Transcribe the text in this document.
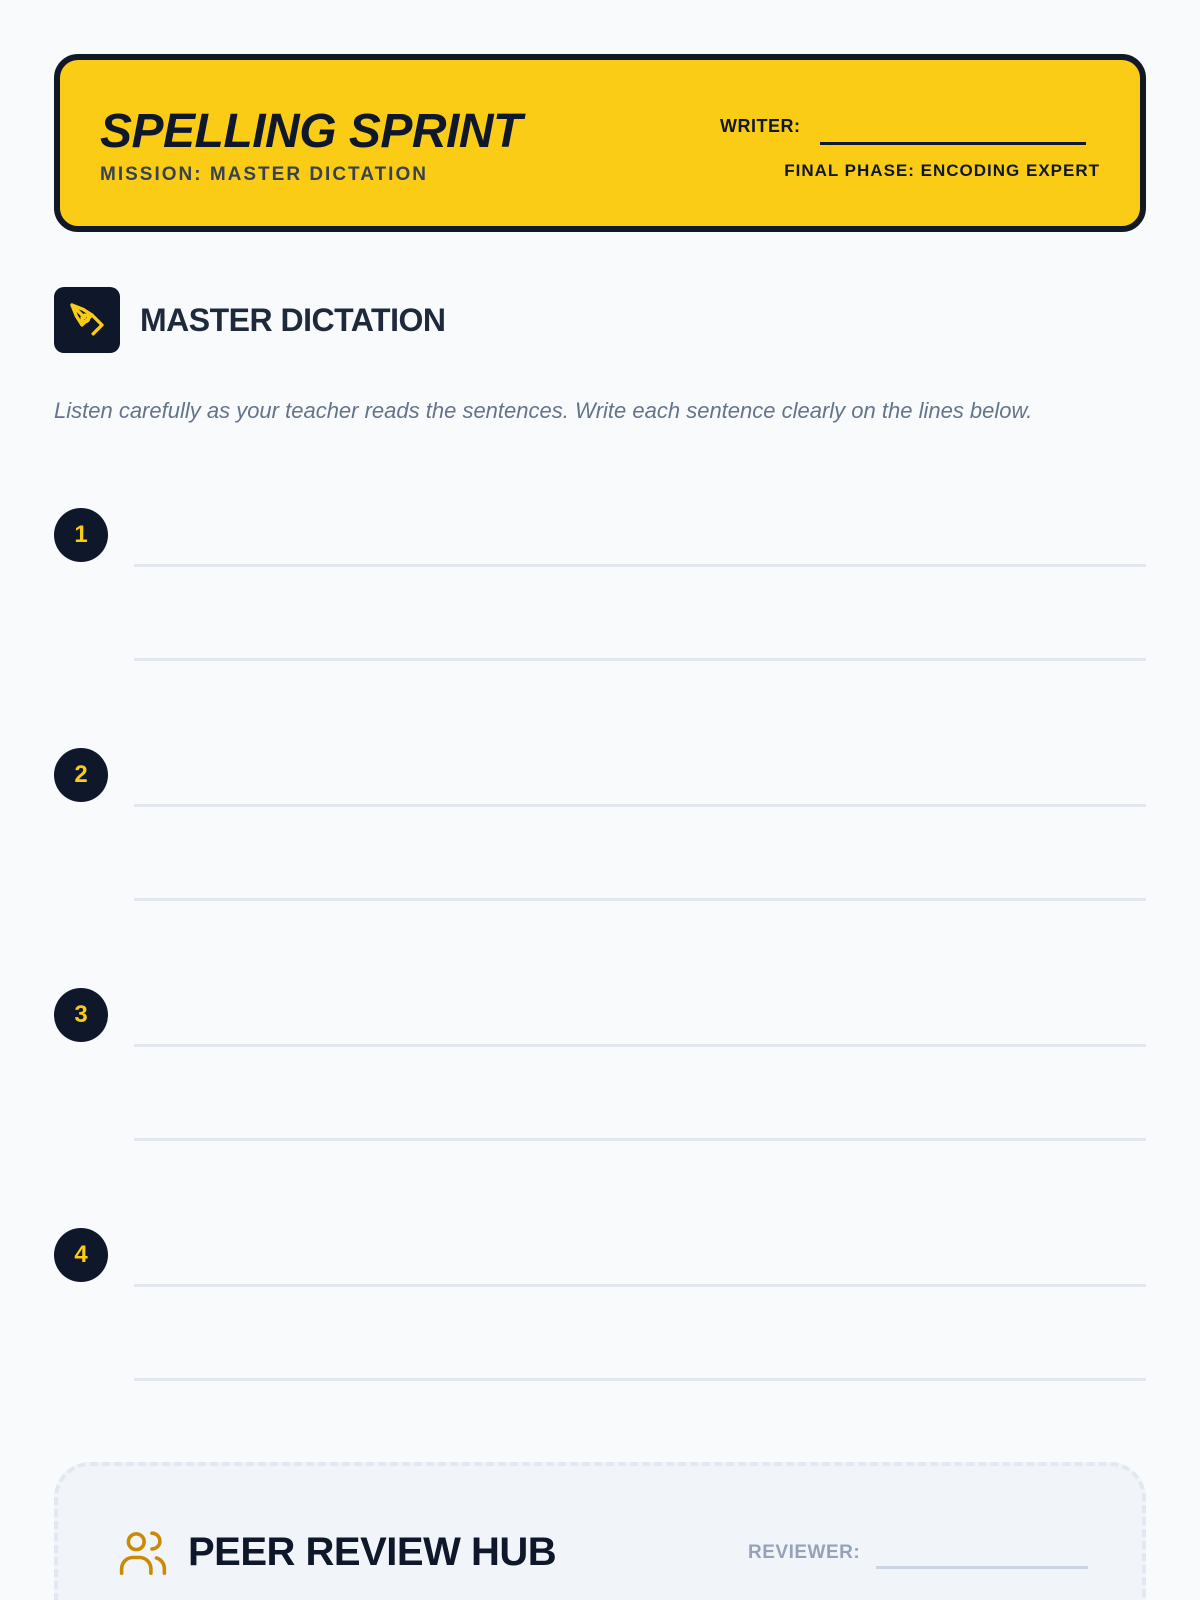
SPELLING SPRINT
MISSION: MASTER DICTATION
WRITER:
FINAL PHASE: ENCODING EXPERT
MASTER DICTATION
Listen carefully as your teacher reads the sentences. Write each sentence clearly on the lines below.
1
2
3
4
PEER REVIEW HUB	REVIEWER:
